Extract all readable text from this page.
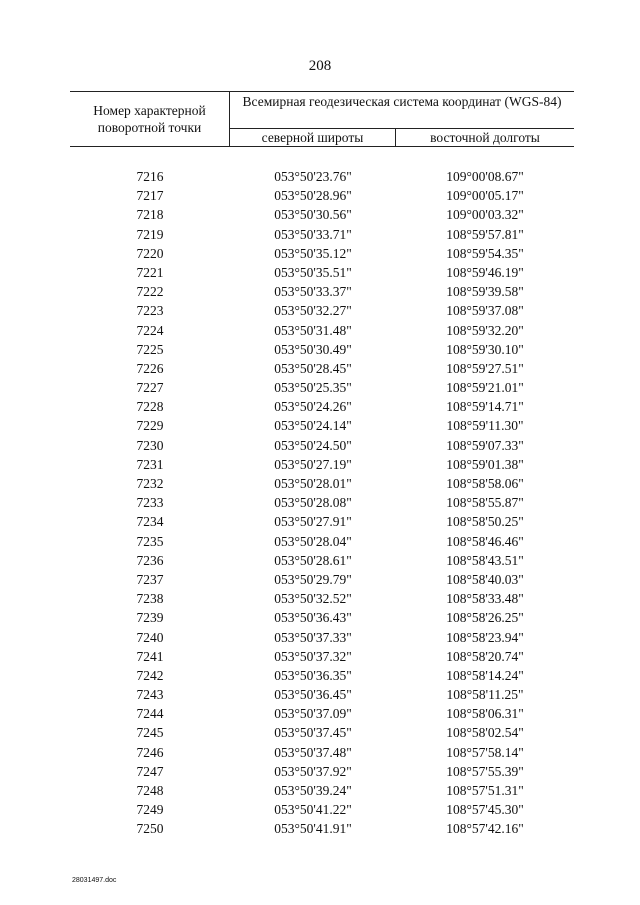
208
Номер характерной поворотной точки
Всемирная геодезическая система координат (WGS-84)
северной широты	восточной долготы
7216	053°50'23.76"	109°00'08.67"
7217	053°50'28.96"	109°00'05.17"
7218	053°50'30.56"	109°00'03.32"
7219	053°50'33.71"	108°59'57.81"
7220	053°50'35.12"	108°59'54.35"
7221	053°50'35.51"	108°59'46.19"
7222	053°50'33.37"	108°59'39.58"
7223	053°50'32.27"	108°59'37.08"
7224	053°50'31.48"	108°59'32.20"
7225	053°50'30.49"	108°59'30.10"
7226	053°50'28.45"	108°59'27.51"
7227	053°50'25.35"	108°59'21.01"
7228	053°50'24.26"	108°59'14.71"
7229	053°50'24.14"	108°59'11.30"
7230	053°50'24.50"	108°59'07.33"
7231	053°50'27.19"	108°59'01.38"
7232	053°50'28.01"	108°58'58.06"
7233	053°50'28.08"	108°58'55.87"
7234	053°50'27.91"	108°58'50.25"
7235	053°50'28.04"	108°58'46.46"
7236	053°50'28.61"	108°58'43.51"
7237	053°50'29.79"	108°58'40.03"
7238	053°50'32.52"	108°58'33.48"
7239	053°50'36.43"	108°58'26.25"
7240	053°50'37.33"	108°58'23.94"
7241	053°50'37.32"	108°58'20.74"
7242	053°50'36.35"	108°58'14.24"
7243	053°50'36.45"	108°58'11.25"
7244	053°50'37.09"	108°58'06.31"
7245	053°50'37.45"	108°58'02.54"
7246	053°50'37.48"	108°57'58.14"
7247	053°50'37.92"	108°57'55.39"
7248	053°50'39.24"	108°57'51.31"
7249	053°50'41.22"	108°57'45.30"
7250	053°50'41.91"	108°57'42.16"
28031497.doc
